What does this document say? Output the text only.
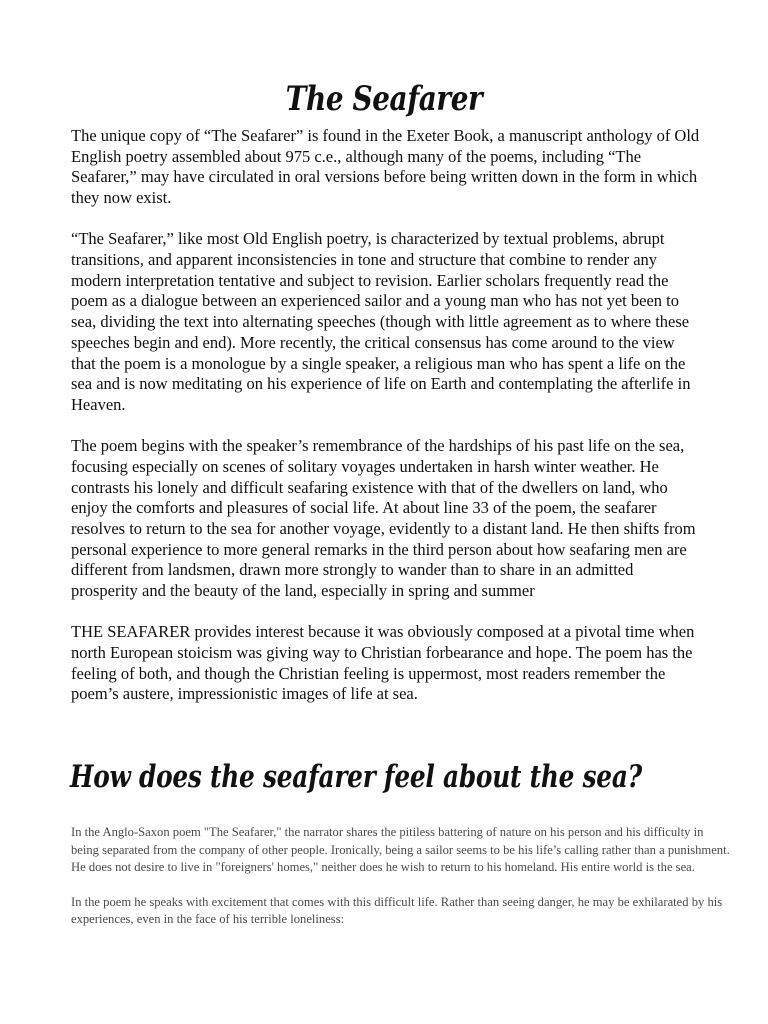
The Seafarer

The unique copy of “The Seafarer” is found in the Exeter Book, a manuscript anthology of Old English poetry assembled about 975 c.e., although many of the poems, including “The Seafarer,” may have circulated in oral versions before being written down in the form in which they now exist.

“The Seafarer,” like most Old English poetry, is characterized by textual problems, abrupt transitions, and apparent inconsistencies in tone and structure that combine to render any modern interpretation tentative and subject to revision. Earlier scholars frequently read the poem as a dialogue between an experienced sailor and a young man who has not yet been to sea, dividing the text into alternating speeches (though with little agreement as to where these speeches begin and end). More recently, the critical consensus has come around to the view that the poem is a monologue by a single speaker, a religious man who has spent a life on the sea and is now meditating on his experience of life on Earth and contemplating the afterlife in Heaven.

The poem begins with the speaker’s remembrance of the hardships of his past life on the sea, focusing especially on scenes of solitary voyages undertaken in harsh winter weather. He contrasts his lonely and difficult seafaring existence with that of the dwellers on land, who enjoy the comforts and pleasures of social life. At about line 33 of the poem, the seafarer resolves to return to the sea for another voyage, evidently to a distant land. He then shifts from personal experience to more general remarks in the third person about how seafaring men are different from landsmen, drawn more strongly to wander than to share in an admitted prosperity and the beauty of the land, especially in spring and summer

THE SEAFARER provides interest because it was obviously composed at a pivotal time when north European stoicism was giving way to Christian forbearance and hope. The poem has the feeling of both, and though the Christian feeling is uppermost, most readers remember the poem’s austere, impressionistic images of life at sea.

How does the seafarer feel about the sea?

In the Anglo-Saxon poem "The Seafarer," the narrator shares the pitiless battering of nature on his person and his difficulty in being separated from the company of other people. Ironically, being a sailor seems to be his life’s calling rather than a punishment. He does not desire to live in "foreigners' homes," neither does he wish to return to his homeland. His entire world is the sea.

In the poem he speaks with excitement that comes with this difficult life. Rather than seeing danger, he may be exhilarated by his experiences, even in the face of his terrible loneliness:
